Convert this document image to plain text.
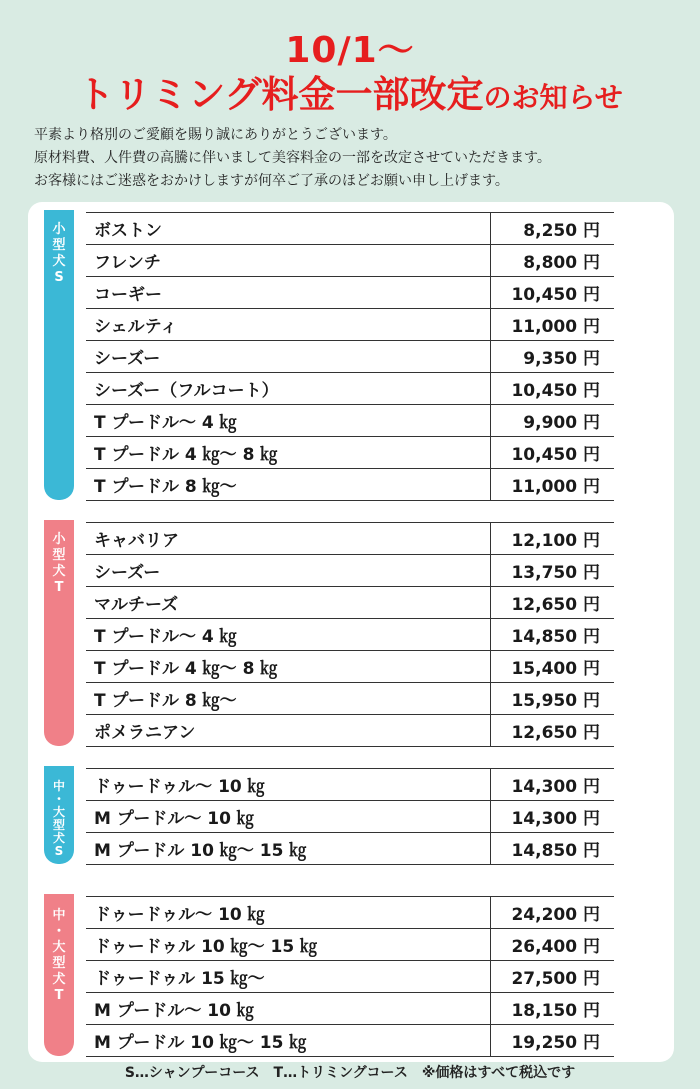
10/1〜
トリミング料金一部改定のお知らせ
平素より格別のご愛顧を賜り誠にありがとうございます。
原材料費、人件費の高騰に伴いまして美容料金の一部を改定させていただきます。
お客様にはご迷惑をおかけしますが何卒ご了承のほどお願い申し上げます。
小
型
犬
S
ボストン	8,250 円
フレンチ	8,800 円
コーギー	10,450 円
シェルティ	11,000 円
シーズー	9,350 円
シーズー（フルコート）	10,450 円
T プードル〜 4 ㎏	9,900 円
T プードル 4 ㎏〜 8 ㎏	10,450 円
T プードル 8 ㎏〜	11,000 円
小
型
犬
T
キャバリア	12,100 円
シーズー	13,750 円
マルチーズ	12,650 円
T プードル〜 4 ㎏	14,850 円
T プードル 4 ㎏〜 8 ㎏	15,400 円
T プードル 8 ㎏〜	15,950 円
ポメラニアン	12,650 円
中
・
大
型
犬
S
ドゥードゥル〜 10 ㎏	14,300 円
M プードル〜 10 ㎏	14,300 円
M プードル 10 ㎏〜 15 ㎏	14,850 円
中
・
大
型
犬
T
ドゥードゥル〜 10 ㎏	24,200 円
ドゥードゥル 10 ㎏〜 15 ㎏	26,400 円
ドゥードゥル 15 ㎏〜	27,500 円
M プードル〜 10 ㎏	18,150 円
M プードル 10 ㎏〜 15 ㎏	19,250 円
S…シャンプーコース　T…トリミングコース　※価格はすべて税込です
